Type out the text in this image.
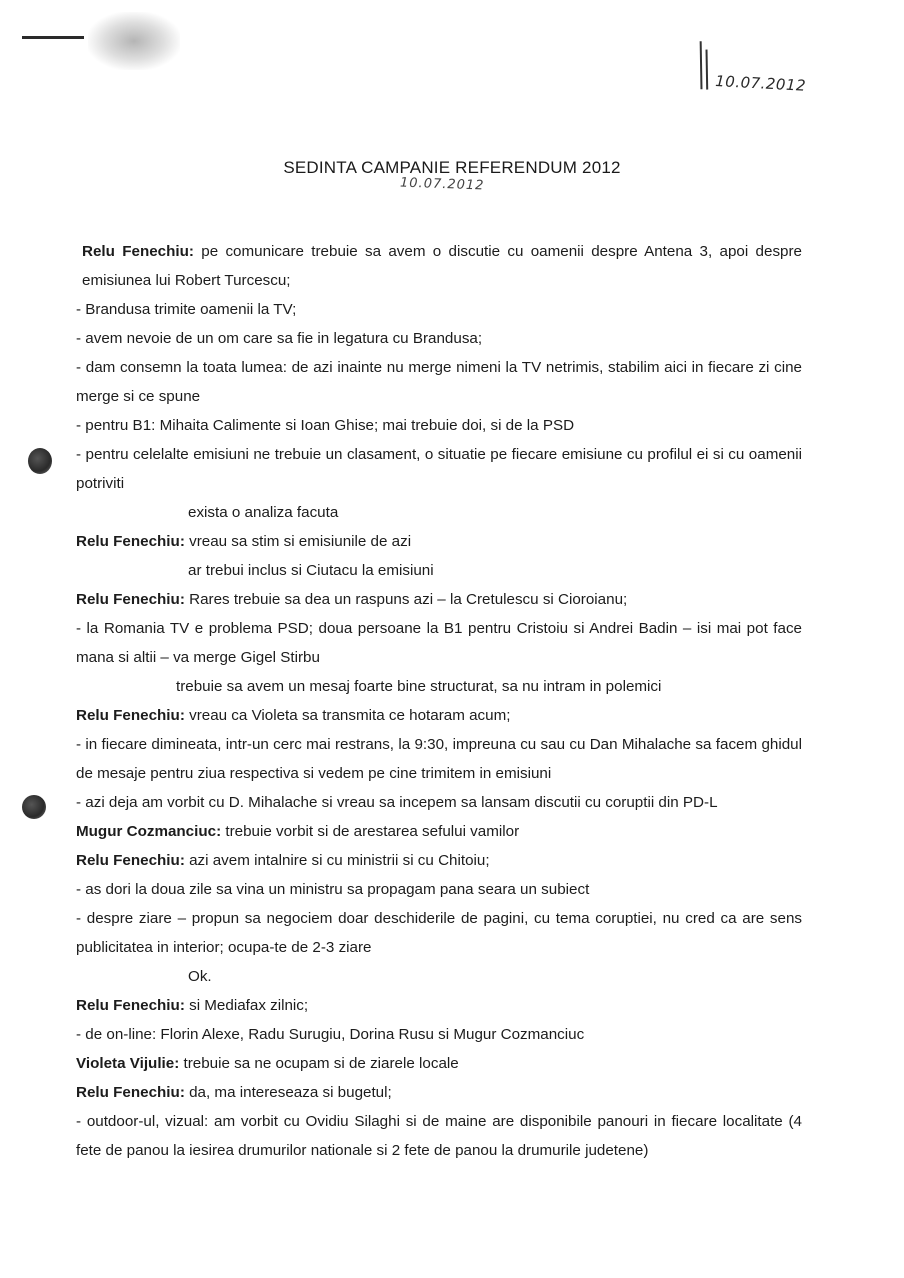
10.07.2012
SEDINTA CAMPANIE REFERENDUM 2012
10.07.2012

Relu Fenechiu: pe comunicare trebuie sa avem o discutie cu oamenii despre Antena 3, apoi despre emisiunea lui Robert Turcescu;

- Brandusa trimite oamenii la TV;

- avem nevoie de un om care sa fie in legatura cu Brandusa;

- dam consemn la toata lumea: de azi inainte nu merge nimeni la TV netrimis, stabilim aici in fiecare zi cine merge si ce spune

- pentru B1: Mihaita Calimente si Ioan Ghise; mai trebuie doi, si de la PSD

- pentru celelalte emisiuni ne trebuie un clasament, o situatie pe fiecare emisiune cu profilul ei si cu oamenii potriviti

exista o analiza facuta

Relu Fenechiu: vreau sa stim si emisiunile de azi

ar trebui inclus si Ciutacu la emisiuni

Relu Fenechiu: Rares trebuie sa dea un raspuns azi – la Cretulescu si Cioroianu;

- la Romania TV e problema PSD; doua persoane la B1 pentru Cristoiu si Andrei Badin – isi mai pot face mana si altii – va merge Gigel Stirbu

trebuie sa avem un mesaj foarte bine structurat, sa nu intram in polemici

Relu Fenechiu: vreau ca Violeta sa transmita ce hotaram acum;

- in fiecare dimineata, intr-un cerc mai restrans, la 9:30, impreuna cu sau cu Dan Mihalache sa facem ghidul de mesaje pentru ziua respectiva si vedem pe cine trimitem in emisiuni

- azi deja am vorbit cu D. Mihalache si vreau sa incepem sa lansam discutii cu coruptii din PD-L

Mugur Cozmanciuc: trebuie vorbit si de arestarea sefului vamilor

Relu Fenechiu: azi avem intalnire si cu ministrii si cu Chitoiu;

- as dori la doua zile sa vina un ministru sa propagam pana seara un subiect

- despre ziare – propun sa negociem doar deschiderile de pagini, cu tema coruptiei, nu cred ca are sens publicitatea in interior; ocupa-te de 2-3 ziare

Ok.

Relu Fenechiu: si Mediafax zilnic;

- de on-line: Florin Alexe, Radu Surugiu, Dorina Rusu si Mugur Cozmanciuc

Violeta Vijulie: trebuie sa ne ocupam si de ziarele locale

Relu Fenechiu: da, ma intereseaza si bugetul;

- outdoor-ul, vizual: am vorbit cu Ovidiu Silaghi si de maine are disponibile panouri in fiecare localitate (4 fete de panou la iesirea drumurilor nationale si 2 fete de panou la drumurile judetene)
